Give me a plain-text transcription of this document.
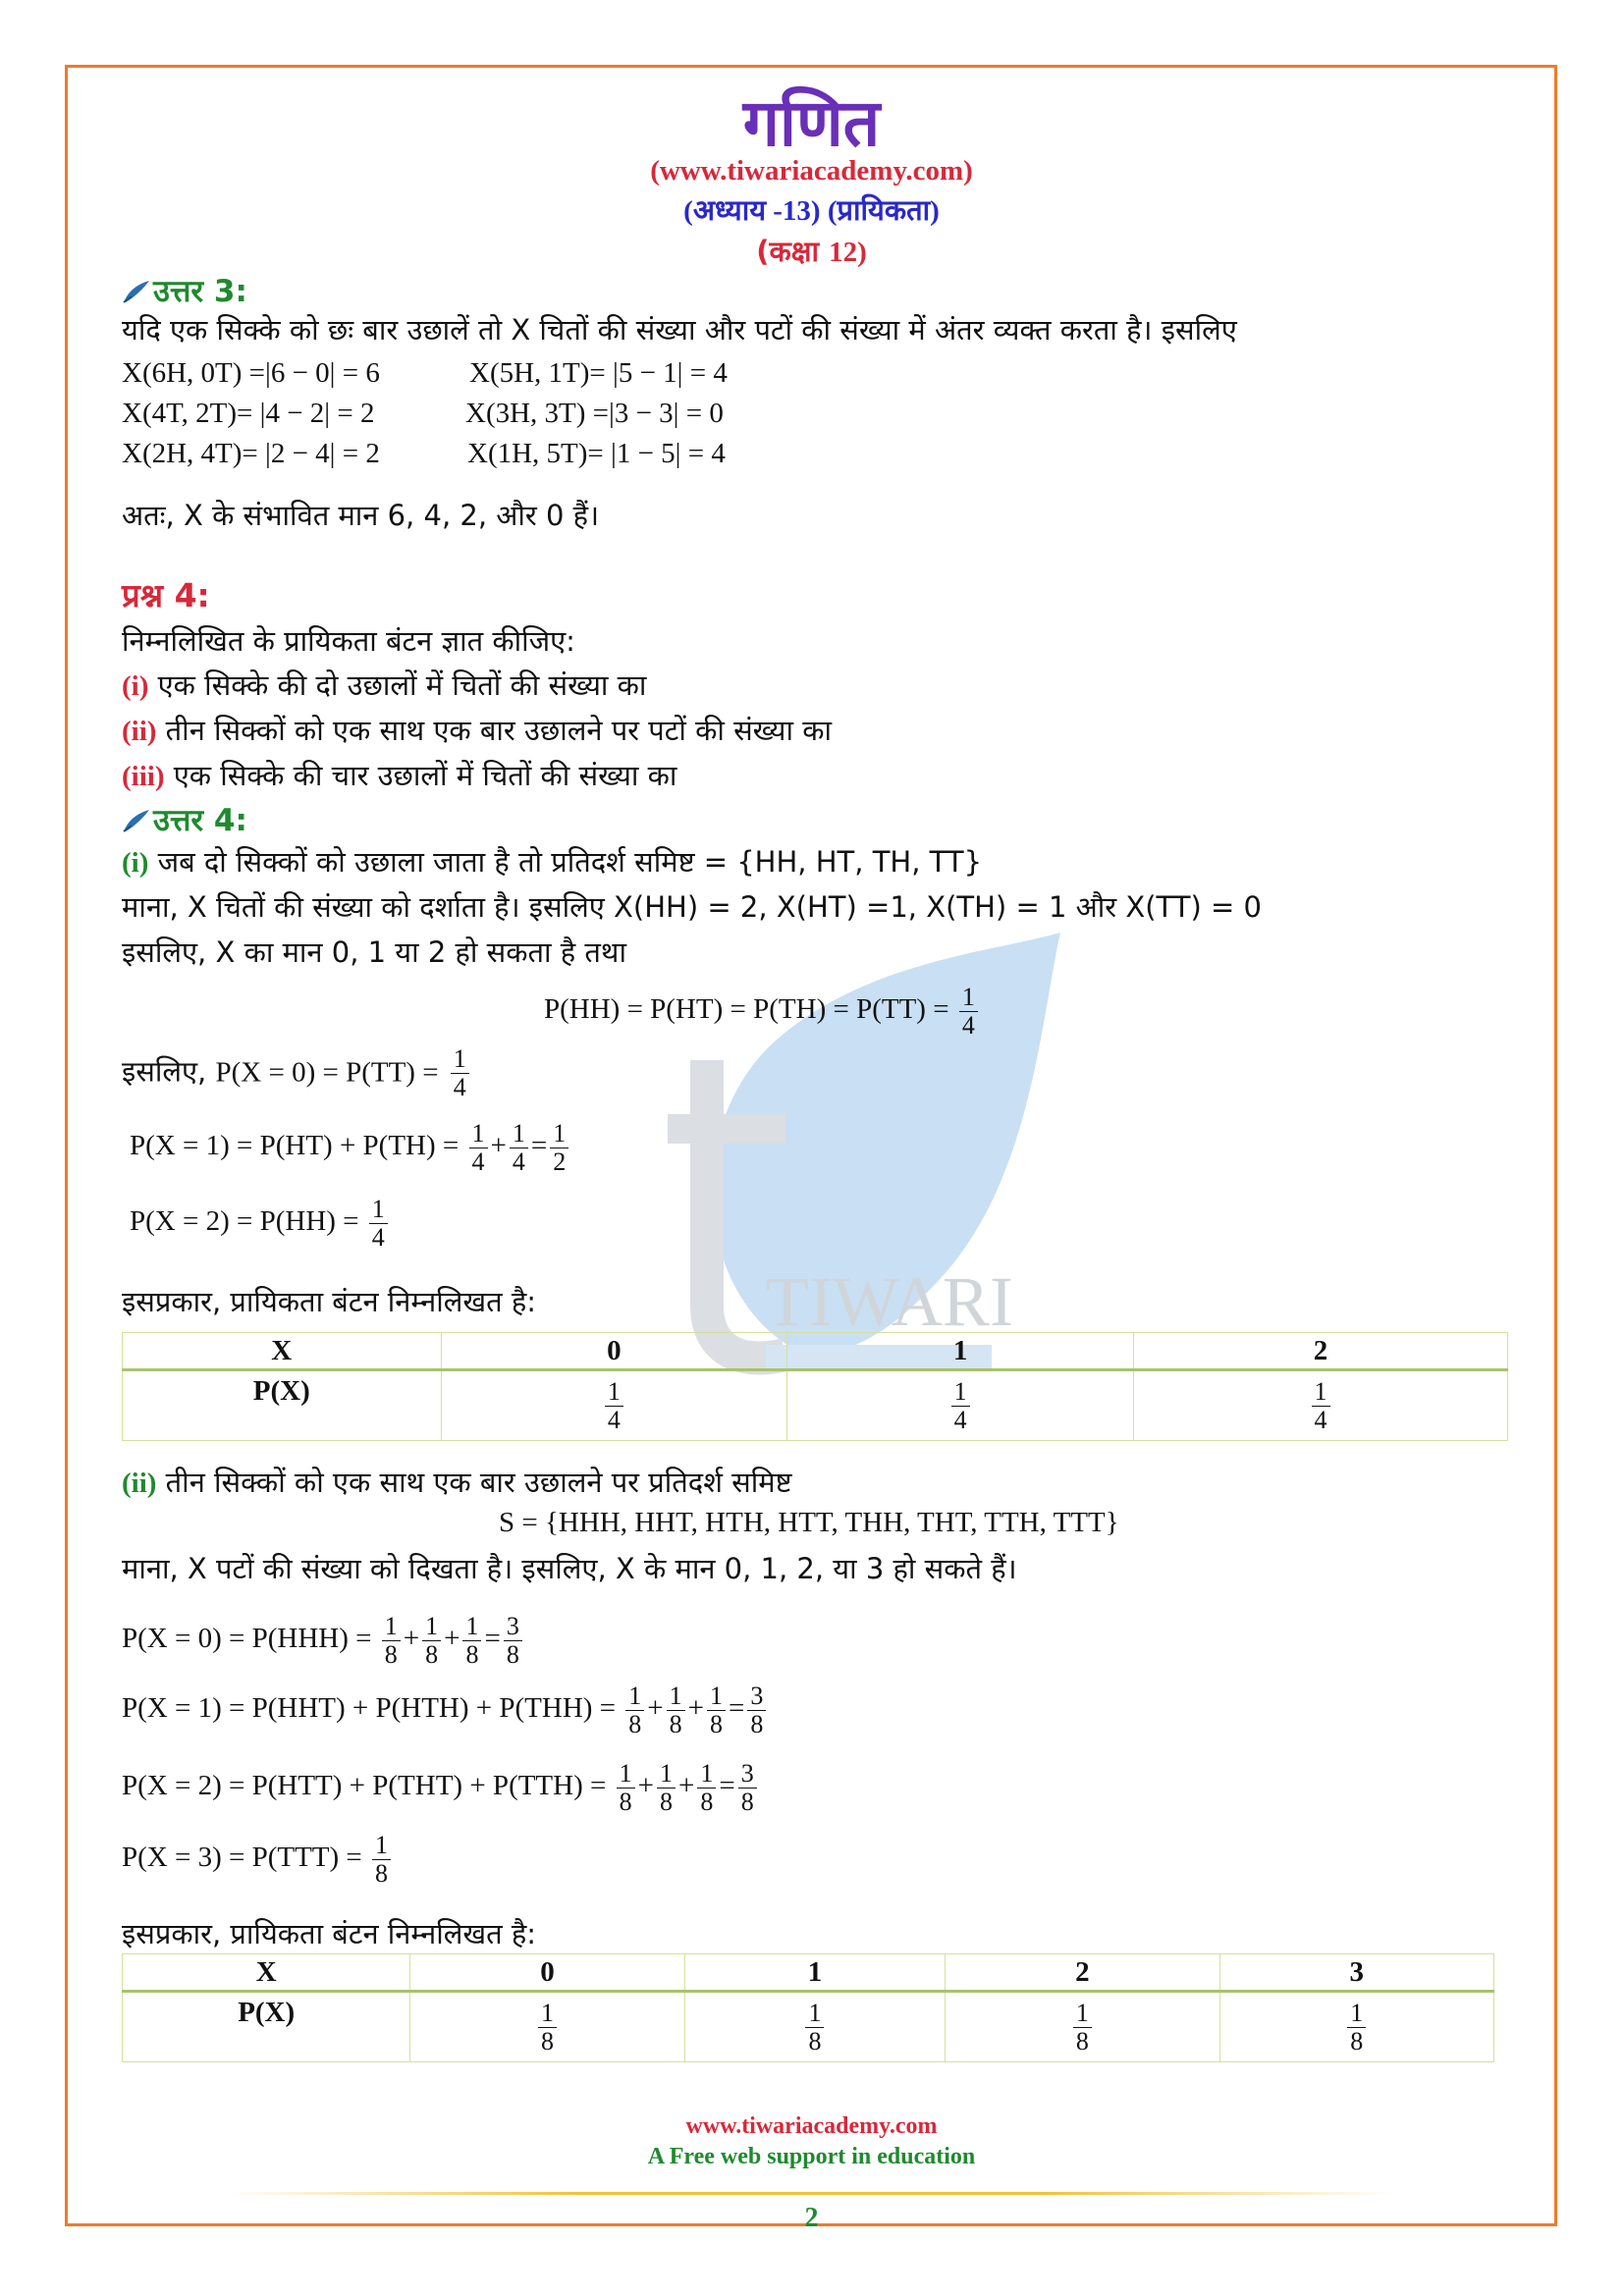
TIWARI
गणित
(www.tiwariacademy.com)
(अध्याय -13) (प्रायिकता)
(कक्षा 12)
उत्तर 3:
यदि एक सिक्के को छः बार उछालें तो X चितों की संख्या और पटों की संख्या में अंतर व्यक्त करता है। इसलिए
X(6H, 0T) =|6 − 0| = 6	X(5H, 1T)= |5 − 1| = 4
X(4T, 2T)= |4 − 2| = 2	X(3H, 3T) =|3 − 3| = 0
X(2H, 4T)= |2 − 4| = 2	X(1H, 5T)= |1 − 5| = 4
अतः, X के संभावित मान 6, 4, 2, और 0 हैं।
प्रश्न 4:
निम्नलिखित के प्रायिकता बंटन ज्ञात कीजिए:
(i) एक सिक्के की दो उछालों में चितों की संख्या का
(ii) तीन सिक्कों को एक साथ एक बार उछालने पर पटों की संख्या का
(iii) एक सिक्के की चार उछालों में चितों की संख्या का
उत्तर 4:
(i) जब दो सिक्कों को उछाला जाता है तो प्रतिदर्श समिष्ट = {HH, HT, TH, TT}
माना, X चितों की संख्या को दर्शाता है। इसलिए X(HH) = 2, X(HT) =1, X(TH) = 1 और X(TT) = 0
इसलिए, X का मान 0, 1 या 2 हो सकता है तथा
$P(HH) = P(HT) = P(TH) = P(TT) = \frac{1}{4}$
इसलिए, $P(X = 0) = P(TT) = \frac{1}{4}$
$P(X = 1) = P(HT) + P(TH) = \frac{1}{4} + \frac{1}{4} = \frac{1}{2}$
$P(X = 2) = P(HH) = \frac{1}{4}$
इसप्रकार, प्रायिकता बंटन निम्नलिखत है:
X	0	1	2
P(X)	$\frac{1}{4}$	$\frac{1}{4}$	$\frac{1}{4}$
(ii) तीन सिक्कों को एक साथ एक बार उछालने पर प्रतिदर्श समिष्ट
S = {HHH, HHT, HTH, HTT, THH, THT, TTH, TTT}
माना, X पटों की संख्या को दिखता है। इसलिए, X के मान 0, 1, 2, या 3 हो सकते हैं।
$P(X = 0) = P(HHH) = \frac{1}{8} + \frac{1}{8} + \frac{1}{8} = \frac{3}{8}$
$P(X = 1) = P(HHT) + P(HTH) + P(THH) = \frac{1}{8} + \frac{1}{8} + \frac{1}{8} = \frac{3}{8}$
$P(X = 2) = P(HTT) + P(THT) + P(TTH) = \frac{1}{8} + \frac{1}{8} + \frac{1}{8} = \frac{3}{8}$
$P(X = 3) = P(TTT) = \frac{1}{8}$
इसप्रकार, प्रायिकता बंटन निम्नलिखत है:
X	0	1	2	3
P(X)	$\frac{1}{8}$	$\frac{1}{8}$	$\frac{1}{8}$	$\frac{1}{8}$
www.tiwariacademy.com
A Free web support in education
2
